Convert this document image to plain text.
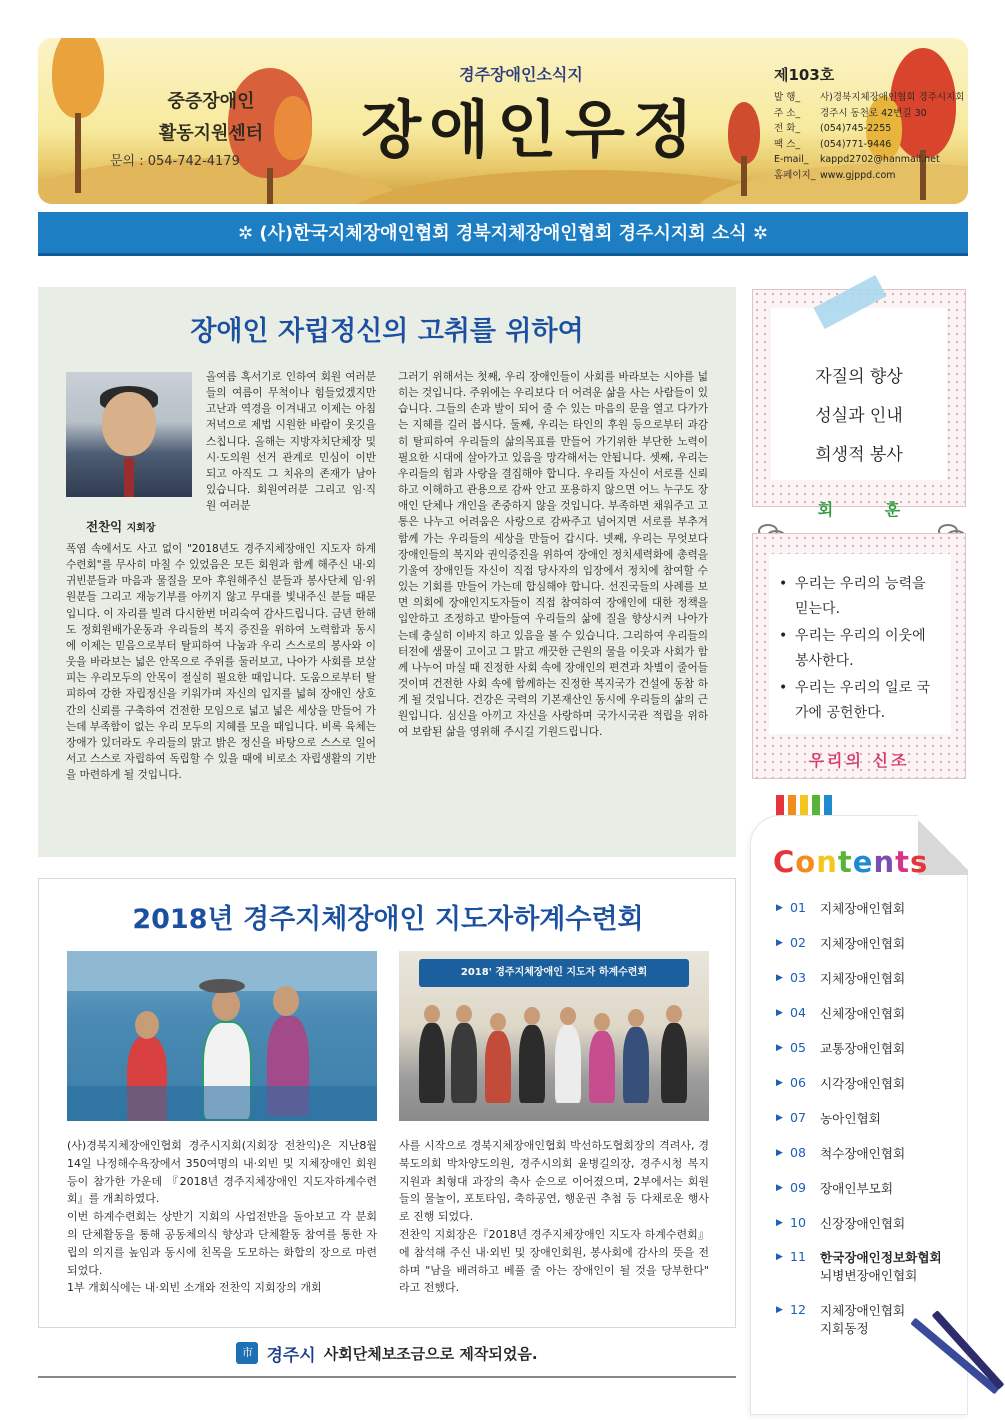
중증장애인
활동지원센터
문의 : 054-742-4179
경주장애인소식지
장애인우정
제103호
발 행_	사)경북지체장애인협회 경주시지회
주 소_	경주시 동천로 42번길 30
전 화_	(054)745-2255
팩 스_	(054)771-9446
E-mail_	kappd2702@hanmail.net
홈페이지_ www.gjppd.com
✲ (사)한국지체장애인협회 경북지체장애인협회 경주시지회 소식 ✲
장애인 자립정신의 고취를 위하여
전찬익 지회장
올여름 혹서기로 인하여 회원 여러분들의 여름이 무척이나 힘들었겠지만 고난과 역경을 이겨내고 이제는 아침저녁으로 제법 시원한 바람이 옷깃을 스칩니다. 올해는 지방자치단체장 및 시·도의원 선거 관계로 민심이 이반되고 아직도 그 치유의 존재가 남아있습니다. 회원여러분 그리고 임·직원 여러분
폭염 속에서도 사고 없이 "2018년도 경주지체장애인 지도자 하계수련회"를 무사히 마칠 수 있었음은 모든 회원과 함께 해주신 내·외 귀빈분들과 마음과 물질을 모아 후원해주신 분들과 봉사단체 임·위원분들 그리고 재능기부를 아끼지 않고 무대를 빛내주신 분들 때문입니다. 이 자리를 빌려 다시한번 머리숙여 감사드립니다. 금년 한해도 정회원배가운동과 우리들의 복지 증진을 위하여 노력함과 동시에 이제는 믿음으로부터 탈피하여 나눔과 우리 스스로의 봉사와 이웃을 바라보는 넓은 안목으로 주위를 둘러보고, 나아가 사회를 보살피는 우리모두의 안목이 절실히 필요한 때입니다. 도움으로부터 탈피하여 강한 자립정신을 키워가며 자신의 입지를 넓혀 장애인 상호간의 신뢰를 구축하여 건전한 모임으로 넓고 넓은 세상을 만들어 가는데 부족함이 없는 우리 모두의 지혜를 모을 때입니다. 비록 육체는 장애가 있더라도 우리들의 맑고 밝은 정신을 바탕으로 스스로 일어서고 스스로 자립하여 독립할 수 있을 때에 비로소 자립생활의 기반을 마련하게 될 것입니다.
그러기 위해서는 첫째, 우리 장애인들이 사회를 바라보는 시야를 넓히는 것입니다. 주위에는 우리보다 더 어려운 삶을 사는 사람들이 있습니다. 그들의 손과 발이 되어 줄 수 있는 마음의 문을 열고 다가가는 지혜를 길러 봅시다. 둘째, 우리는 타인의 후원 등으로부터 과감히 탈피하여 우리들의 삶의목표를 만들어 가기위한 부단한 노력이 필요한 시대에 살아가고 있음을 망각해서는 안됩니다. 셋째, 우리는 우리들의 힘과 사랑을 결집해야 합니다. 우리들 자신이 서로를 신뢰하고 이해하고 관용으로 감싸 안고 포용하지 않으면 어느 누구도 장애인 단체나 개인을 존중하지 않을 것입니다. 부족하면 채워주고 고통은 나누고 어려움은 사랑으로 감싸주고 넘어지면 서로를 부추겨 함께 가는 우리들의 세상을 만들어 갑시다. 넷째, 우리는 무엇보다 장애인들의 복지와 권익증진을 위하여 장애인 정치세력화에 총력을 기울여 장애인들 자신이 직접 당사자의 입장에서 정치에 참여할 수 있는 기회를 만들어 가는데 합심해야 합니다. 선진국들의 사례를 보면 의회에 장애인지도자들이 직접 참여하여 장애인에 대한 정책을 입안하고 조정하고 받아들여 우리들의 삶에 질을 향상시켜 나아가는데 충실히 이바지 하고 있음을 볼 수 있습니다. 그리하여 우리들의 터전에 샘물이 고이고 그 맑고 깨끗한 근원의 물을 이웃과 사회가 함께 나누어 마실 때 진정한 사회 속에 장애인의 편견과 차별이 줄어들 것이며 건전한 사회 속에 함께하는 진정한 복지국가 건설에 동참 하게 될 것입니다. 건강은 국력의 기본재산인 동시에 우리들의 삶의 근원입니다. 심신을 아끼고 자신을 사랑하며 국가시국관 적립을 위하여 보람된 삶을 영위해 주시길 기원드립니다.
자질의 향상
성실과 인내
희생적 봉사
회	훈
• 우리는 우리의 능력을 믿는다.
• 우리는 우리의 이웃에 봉사한다.
• 우리는 우리의 일로 국가에 공헌한다.
우리의 신조
Contents
▶ 01	지체장애인협회
▶ 02	지체장애인협회
▶ 03	지체장애인협회
▶ 04	신체장애인협회
▶ 05	교통장애인협회
▶ 06	시각장애인협회
▶ 07	농아인협회
▶ 08	척수장애인협회
▶ 09	장애인부모회
▶ 10	신장장애인협회
▶ 11	한국장애인정보화협회
뇌병변장애인협회
▶ 12	지체장애인협회
지회동정
2018년 경주지체장애인 지도자하계수련회
2018' 경주지체장애인 지도자 하계수련회
(사)경북지체장애인협회 경주시지회(지회장 전찬익)은 지난8월14일 나정해수욕장에서 350여명의 내·외빈 및 지체장애인 회원 등이 참가한 가운데 『2018년 경주지체장애인 지도자하계수련회』를 개최하였다.
이번 하계수련회는 상반기 지회의 사업전반을 돌아보고 각 분회의 단체활동을 통해 공동체의식 향상과 단체활동 참여를 통한 자립의 의지를 높임과 동시에 친목을 도모하는 화합의 장으로 마련되었다.
1부 개회식에는 내·외빈 소개와 전찬익 지회장의 개회
사를 시작으로 경북지체장애인협회 박선하도협회장의 격려사, 경북도의회 박차양도의원, 경주시의회 윤병길의장, 경주시청 복지지원과 최형대 과장의 축사 순으로 이어졌으며, 2부에서는 회원들의 물놀이, 포토타임, 축하공연, 행운권 추첨 등 다채로운 행사로 진행 되었다.
전찬익 지회장은『2018년 경주지체장애인 지도자 하계수련회』에 참석해 주신 내·외빈 및 장애인회원, 봉사회에 감사의 뜻을 전하며 "남을 배려하고 베풀 줄 아는 장애인이 될 것을 당부한다" 라고 전했다.
市 경주시 사회단체보조금으로 제작되었음.
